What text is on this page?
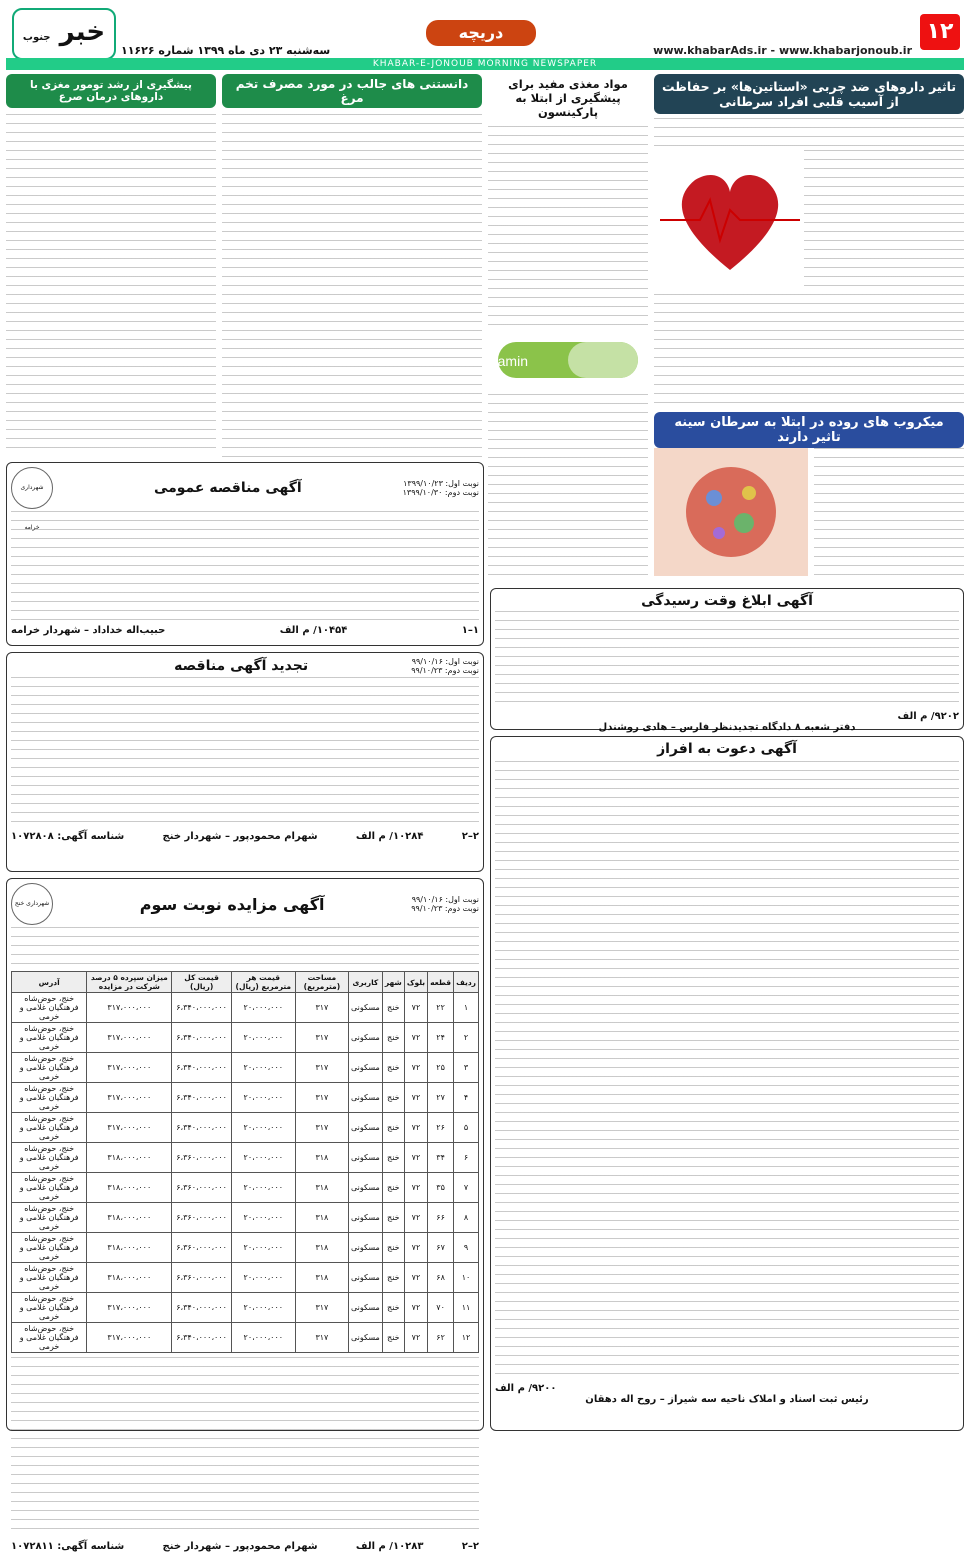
۱۲
www.khabarAds.ir - www.khabarjonoub.ir
دریچه
سه‌شنبه ۲۳ دی ماه ۱۳۹۹ شماره ۱۱۶۲۶
خبر جنوب
KHABAR-E-JONOUB MORNING NEWSPAPER
تاثیر داروهای ضد چربی «استاتین‌ها» بر حفاظت از آسیب قلبی افراد سرطانی
میکروب های روده در ابتلا به سرطان سینه تاثیر دارند
مواد مغذی مفید برای پیشگیری از ابتلا به پارکینسون
Vitamin
دانستنی های جالب در مورد مصرف تخم مرغ
پیشگیری از رشد تومور مغزی با داروهای درمان صرع
نوبت اول: ۱۳۹۹/۱۰/۲۳
نوبت دوم: ۱۳۹۹/۱۰/۳۰
آگهی مناقصه عمومی
شهرداری خرامه
۱–۱
۱۰۴۵۴/ م الف
حبیب‌اله خداداد – شهردار خرامه
نوبت اول: ۹۹/۱۰/۱۶
نوبت دوم: ۹۹/۱۰/۲۳
تجدید آگهی مناقصه
۲–۲
۱۰۲۸۴/ م الف
شهرام محمودپور – شهردار خنج
شناسه آگهی: ۱۰۷۲۸۰۸
نوبت اول: ۹۹/۱۰/۱۶
نوبت دوم: ۹۹/۱۰/۲۳
آگهی مزایده نوبت سوم
شهرداری خنج
ردیف	قطعه	بلوک	شهر	کاربری	مساحت (مترمربع)	قیمت هر مترمربع (ریال)	قیمت کل (ریال)	میزان سپرده ۵ درصد شرکت در مزایده	آدرس
۱	۲۲	۷۲	خنج	مسکونی	۳۱۷	۲۰،۰۰۰،۰۰۰	۶،۳۴۰،۰۰۰،۰۰۰	۳۱۷،۰۰۰،۰۰۰	خنج، حوض‌شاه فرهنگیان غلامی و خرمی
۲	۲۴	۷۲	خنج	مسکونی	۳۱۷	۲۰،۰۰۰،۰۰۰	۶،۳۴۰،۰۰۰،۰۰۰	۳۱۷،۰۰۰،۰۰۰	خنج، حوض‌شاه فرهنگیان غلامی و خرمی
۳	۲۵	۷۲	خنج	مسکونی	۳۱۷	۲۰،۰۰۰،۰۰۰	۶،۳۴۰،۰۰۰،۰۰۰	۳۱۷،۰۰۰،۰۰۰	خنج، حوض‌شاه فرهنگیان غلامی و خرمی
۴	۲۷	۷۲	خنج	مسکونی	۳۱۷	۲۰،۰۰۰،۰۰۰	۶،۳۴۰،۰۰۰،۰۰۰	۳۱۷،۰۰۰،۰۰۰	خنج، حوض‌شاه فرهنگیان غلامی و خرمی
۵	۲۶	۷۲	خنج	مسکونی	۳۱۷	۲۰،۰۰۰،۰۰۰	۶،۳۴۰،۰۰۰،۰۰۰	۳۱۷،۰۰۰،۰۰۰	خنج، حوض‌شاه فرهنگیان غلامی و خرمی
۶	۳۴	۷۲	خنج	مسکونی	۳۱۸	۲۰،۰۰۰،۰۰۰	۶،۳۶۰،۰۰۰،۰۰۰	۳۱۸،۰۰۰،۰۰۰	خنج، حوض‌شاه فرهنگیان غلامی و خرمی
۷	۳۵	۷۲	خنج	مسکونی	۳۱۸	۲۰،۰۰۰،۰۰۰	۶،۳۶۰،۰۰۰،۰۰۰	۳۱۸،۰۰۰،۰۰۰	خنج، حوض‌شاه فرهنگیان غلامی و خرمی
۸	۶۶	۷۲	خنج	مسکونی	۳۱۸	۲۰،۰۰۰،۰۰۰	۶،۳۶۰،۰۰۰،۰۰۰	۳۱۸،۰۰۰،۰۰۰	خنج، حوض‌شاه فرهنگیان غلامی و خرمی
۹	۶۷	۷۲	خنج	مسکونی	۳۱۸	۲۰،۰۰۰،۰۰۰	۶،۳۶۰،۰۰۰،۰۰۰	۳۱۸،۰۰۰،۰۰۰	خنج، حوض‌شاه فرهنگیان غلامی و خرمی
۱۰	۶۸	۷۲	خنج	مسکونی	۳۱۸	۲۰،۰۰۰،۰۰۰	۶،۳۶۰،۰۰۰،۰۰۰	۳۱۸،۰۰۰،۰۰۰	خنج، حوض‌شاه فرهنگیان غلامی و خرمی
۱۱	۷۰	۷۲	خنج	مسکونی	۳۱۷	۲۰،۰۰۰،۰۰۰	۶،۳۴۰،۰۰۰،۰۰۰	۳۱۷،۰۰۰،۰۰۰	خنج، حوض‌شاه فرهنگیان غلامی و خرمی
۱۲	۶۲	۷۲	خنج	مسکونی	۳۱۷	۲۰،۰۰۰،۰۰۰	۶،۳۴۰،۰۰۰،۰۰۰	۳۱۷،۰۰۰،۰۰۰	خنج، حوض‌شاه فرهنگیان غلامی و خرمی
۲–۲
۱۰۲۸۳/ م الف
شهرام محمودپور – شهردار خنج
شناسه آگهی: ۱۰۷۲۸۱۱
آگهی ابلاغ وقت رسیدگی
۹۲۰۲/ م الف
دفتر شعبه ۸ دادگاه تجدیدنظر فارس – هادی روشندل
آگهی دعوت به افراز
۹۲۰۰/ م الف
رئیس ثبت اسناد و املاک ناحیه سه شیراز – روح اله دهقان
